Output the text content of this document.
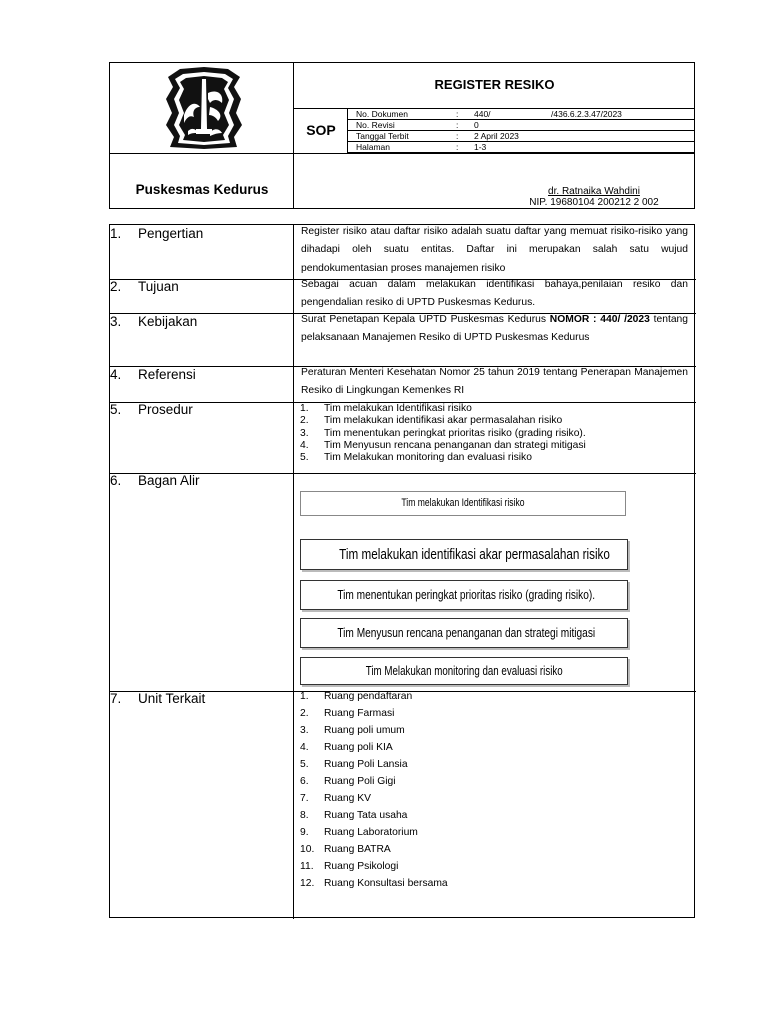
Puskesmas Kedurus
REGISTER RESIKO
SOP
No. Dokumen	: 440/	/436.6.2.3.47/2023
No. Revisi	: 0
Tanggal Terbit	: 2 April 2023
Halaman	: 1-3
dr. Ratnaika Wahdini
NIP. 19680104 200212 2 002
1. Pengertian	Register risiko atau daftar risiko adalah suatu daftar yang memuat risiko-risiko yang dihadapi oleh suatu entitas. Daftar ini merupakan salah satu wujud pendokumentasian proses manajemen risiko
2. Tujuan	Sebagai acuan dalam melakukan identifikasi bahaya,penilaian resiko dan pengendalian resiko di UPTD Puskesmas Kedurus.
3. Kebijakan	Surat Penetapan Kepala UPTD Puskesmas Kedurus NOMOR : 440/ /2023 tentang pelaksanaan Manajemen Resiko di UPTD Puskesmas Kedurus
4. Referensi	Peraturan Menteri Kesehatan Nomor 25 tahun 2019 tentang Penerapan Manajemen Resiko di Lingkungan Kemenkes RI
5. Prosedur	1. Tim melakukan Identifikasi risiko
2. Tim melakukan identifikasi akar permasalahan risiko
3. Tim menentukan peringkat prioritas risiko (grading risiko).
4. Tim Menyusun rencana penanganan dan strategi mitigasi
5. Tim Melakukan monitoring dan evaluasi risiko
6. Bagan Alir
Tim melakukan Identifikasi risiko
Tim melakukan identifikasi akar permasalahan risiko
Tim menentukan peringkat prioritas risiko (grading risiko).
Tim Menyusun rencana penanganan dan strategi mitigasi
Tim Melakukan monitoring dan evaluasi risiko
7. Unit Terkait	1. Ruang pendaftaran
2. Ruang Farmasi
3. Ruang poli umum
4. Ruang poli KIA
5. Ruang Poli Lansia
6. Ruang Poli Gigi
7. Ruang KV
8. Ruang Tata usaha
9. Ruang Laboratorium
10. Ruang BATRA
11. Ruang Psikologi
12. Ruang Konsultasi bersama
